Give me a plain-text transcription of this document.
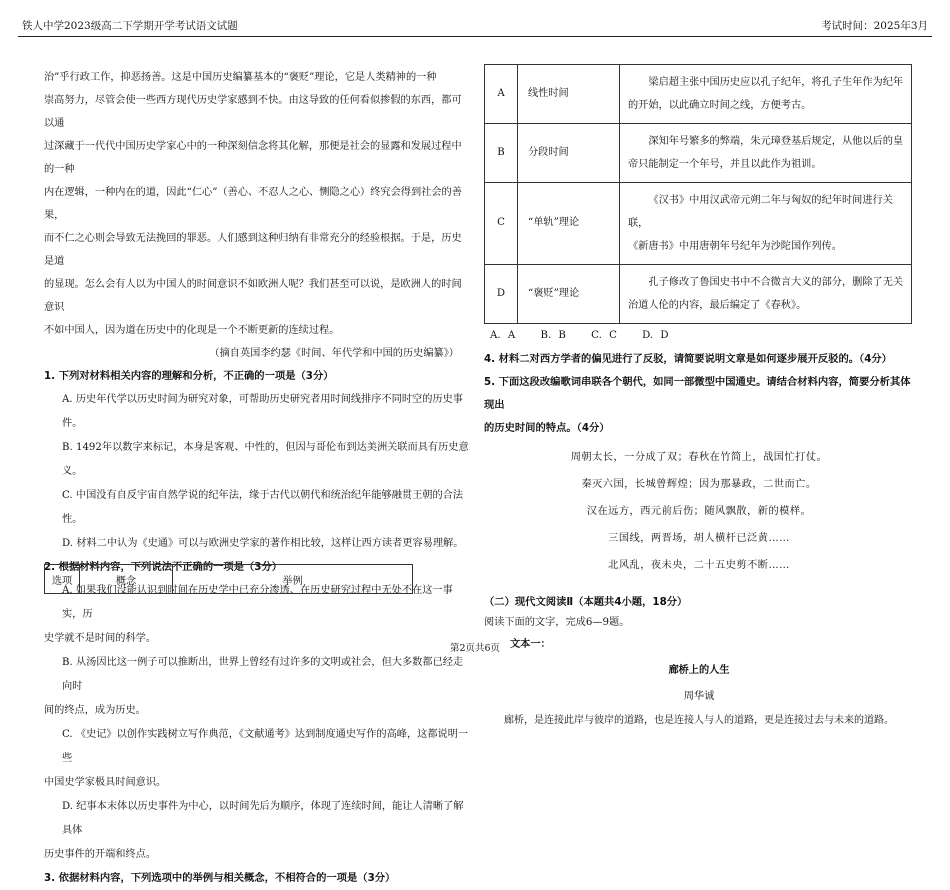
铁人中学2023级高二下学期开学考试语文试题	考试时间：2025年3月

治”乎行政工作，抑恶扬善。这是中国历史编纂基本的“褒贬”理论，它是人类精神的一种

崇高努力，尽管会使一些西方现代历史学家感到不快。由这导致的任何看似掺假的东西，都可以通

过深藏于一代代中国历史学家心中的一种深刻信念将其化解，那便是社会的显露和发展过程中的一种

内在逻辑，一种内在的道，因此“仁心”（善心、不忍人之心、恻隐之心）终究会得到社会的善果，

而不仁之心则会导致无法挽回的罪恶。人们感到这种归纳有非常充分的经验根据。于是，历史是道

的显现。怎么会有人以为中国人的时间意识不如欧洲人呢？我们甚至可以说，是欧洲人的时间意识

不如中国人，因为道在历史中的化现是一个不断更新的连续过程。

（摘自英国李约瑟《时间、年代学和中国的历史编纂》）

1. 下列对材料相关内容的理解和分析，不正确的一项是（3分）

A. 历史年代学以历史时间为研究对象，可帮助历史研究者用时间线排序不同时空的历史事件。

B. 1492年以数字来标记，本身是客观、中性的，但因与哥伦布到达美洲关联而具有历史意义。

C. 中国没有自反宇宙自然学说的纪年法，缘于古代以朝代和统治纪年能够融贯王朝的合法性。

D. 材料二中认为《史通》可以与欧洲史学家的著作相比较，这样让西方读者更容易理解。

2. 根据材料内容，下列说法不正确的一项是（3分）

A. 如果我们没能认识到时间在历史学中已充分渗透、在历史研究过程中无处不在这一事实，历

史学就不是时间的科学。

B. 从汤因比这一例子可以推断出，世界上曾经有过许多的文明或社会，但大多数都已经走向时

间的终点，成为历史。

C. 《史记》以创作实践树立写作典范，《文献通考》达到制度通史写作的高峰，这都说明一些

中国史学家极具时间意识。

D. 纪事本末体以历史事件为中心，以时间先后为顺序，体现了连续时间，能让人清晰了解具体

历史事件的开端和终点。

3. 依据材料内容，下列选项中的举例与相关概念，不相符合的一项是（3分）

选项	概念	举例
A	线性时间	梁启超主张中国历史应以孔子纪年，将孔子生年作为纪年
的开始，以此确立时间之线，方便考古。

B	分段时间	深知年号繁多的弊端，朱元璋登基后规定，从他以后的皇
帝只能制定一个年号，并且以此作为祖训。

C	“单轨”理论	《汉书》中用汉武帝元朔二年与匈奴的纪年时间进行关联，
《新唐书》中用唐朝年号纪年为沙陀国作列传。

D	“褒贬”理论	孔子修改了鲁国史书中不合微言大义的部分，删除了无关
治道人伦的内容，最后编定了《春秋》。

A. A B. B C. C D. D

4. 材料二对西方学者的偏见进行了反驳，请简要说明文章是如何逐步展开反驳的。（4分）

5. 下面这段改编歌词串联各个朝代，如同一部微型中国通史。请结合材料内容，简要分析其体现出

的历史时间的特点。（4分）

周朝太长，一分成了双；春秋在竹简上，战国忙打仗。

秦灭六国，长城曾辉煌；因为那暴政，二世而亡。

汉在远方，西元前后伤；随风飘散，新的模样。

三国线，两晋场，胡人横杆已泛黄……

北风乱，夜未央，二十五史剪不断……

（二）现代文阅读Ⅱ（本题共4小题，18分）

阅读下面的文字，完成6—9题。

文本一：

廊桥上的人生

周华诚

廊桥，是连接此岸与彼岸的道路，也是连接人与人的道路，更是连接过去与未来的道路。

第2页共6页
